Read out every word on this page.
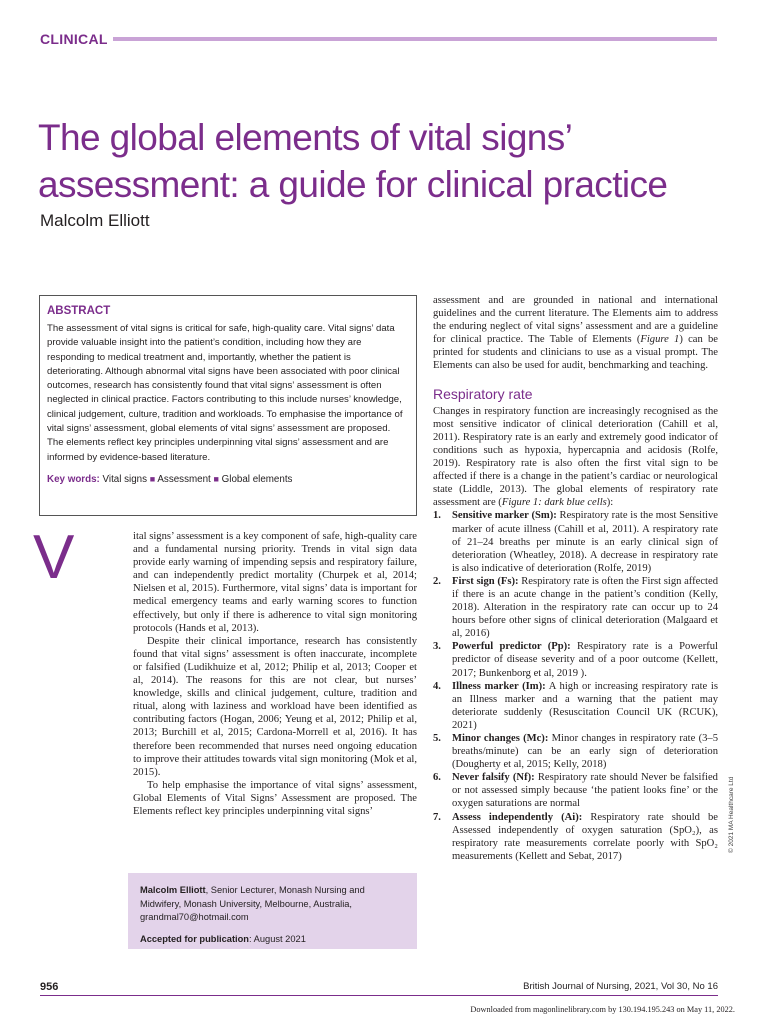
CLINICAL
The global elements of vital signs’ assessment: a guide for clinical practice
Malcolm Elliott
ABSTRACT

The assessment of vital signs is critical for safe, high-quality care. Vital signs’ data provide valuable insight into the patient’s condition, including how they are responding to medical treatment and, importantly, whether the patient is deteriorating. Although abnormal vital signs have been associated with poor clinical outcomes, research has consistently found that vital signs’ assessment is often neglected in clinical practice. Factors contributing to this include nurses’ knowledge, clinical judgement, culture, tradition and workloads. To emphasise the importance of vital signs’ assessment, global elements of vital signs’ assessment are proposed. The elements reflect key principles underpinning vital signs’ assessment and are informed by evidence-based literature.

Key words: Vital signs ■ Assessment ■ Global elements

V	ital signs’ assessment is a key component of safe, high-quality care and a fundamental nursing priority. Trends in vital sign data provide early warning of impending sepsis and respiratory failure, and can independently predict mortality (Churpek et al, 2014; Nielsen et al, 2015). Furthermore, vital signs’ data is important for medical emergency teams and early warning scores to function effectively, but only if there is adherence to vital sign monitoring protocols (Hands et al, 2013).

Despite their clinical importance, research has consistently found that vital signs’ assessment is often inaccurate, incomplete or falsified (Ludikhuize et al, 2012; Philip et al, 2013; Cooper et al, 2014). The reasons for this are not clear, but nurses’ knowledge, skills and clinical judgement, culture, tradition and ritual, along with laziness and workload have been identified as contributing factors (Hogan, 2006; Yeung et al, 2012; Philip et al, 2013; Burchill et al, 2015; Cardona-Morrell et al, 2016). It has therefore been recommended that nurses need ongoing education to improve their attitudes towards vital sign monitoring (Mok et al, 2015).

To help emphasise the importance of vital signs’ assessment, Global Elements of Vital Signs’ Assessment are proposed. The Elements reflect key principles underpinning vital signs’

Malcolm Elliott, Senior Lecturer, Monash Nursing and Midwifery, Monash University, Melbourne, Australia, grandmal70@hotmail.com
Accepted for publication: August 2021

assessment and are grounded in national and international guidelines and the current literature. The Elements aim to address the enduring neglect of vital signs’ assessment and are a guideline for clinical practice. The Table of Elements (Figure 1) can be printed for students and clinicians to use as a visual prompt. The Elements can also be used for audit, benchmarking and teaching.

Respiratory rate

Changes in respiratory function are increasingly recognised as the most sensitive indicator of clinical deterioration (Cahill et al, 2011). Respiratory rate is an early and extremely good indicator of conditions such as hypoxia, hypercapnia and acidosis (Rolfe, 2019). Respiratory rate is also often the first vital sign to be affected if there is a change in the patient’s cardiac or neurological state (Liddle, 2013). The global elements of respiratory rate assessment are (Figure 1: dark blue cells):

1. Sensitive marker (Sm): Respiratory rate is the most Sensitive marker of acute illness (Cahill et al, 2011). A respiratory rate of 21–24 breaths per minute is an early clinical sign of deterioration (Wheatley, 2018). A decrease in respiratory rate is also indicative of deterioration (Rolfe, 2019)
2. First sign (Fs): Respiratory rate is often the First sign affected if there is an acute change in the patient’s condition (Kelly, 2018). Alteration in the respiratory rate can occur up to 24 hours before other signs of clinical deterioration (Malgaard et al, 2016)
3. Powerful predictor (Pp): Respiratory rate is a Powerful predictor of disease severity and of a poor outcome (Kellett, 2017; Bunkenborg et al, 2019 ).
4. Illness marker (Im): A high or increasing respiratory rate is an Illness marker and a warning that the patient may deteriorate suddenly (Resuscitation Council UK (RCUK), 2021)
5. Minor changes (Mc): Minor changes in respiratory rate (3–5 breaths/minute) can be an early sign of deterioration (Dougherty et al, 2015; Kelly, 2018)
6. Never falsify (Nf): Respiratory rate should Never be falsified or not assessed simply because ‘the patient looks fine’ or the oxygen saturations are normal
7. Assess independently (Ai): Respiratory rate should be Assessed independently of oxygen saturation (SpO₂), as respiratory rate measurements correlate poorly with SpO₂ measurements (Kellett and Sebat, 2017)
© 2021 MA Healthcare Ltd
956	British Journal of Nursing, 2021, Vol 30, No 16
Downloaded from magonlinelibrary.com by 130.194.195.243 on May 11, 2022.
